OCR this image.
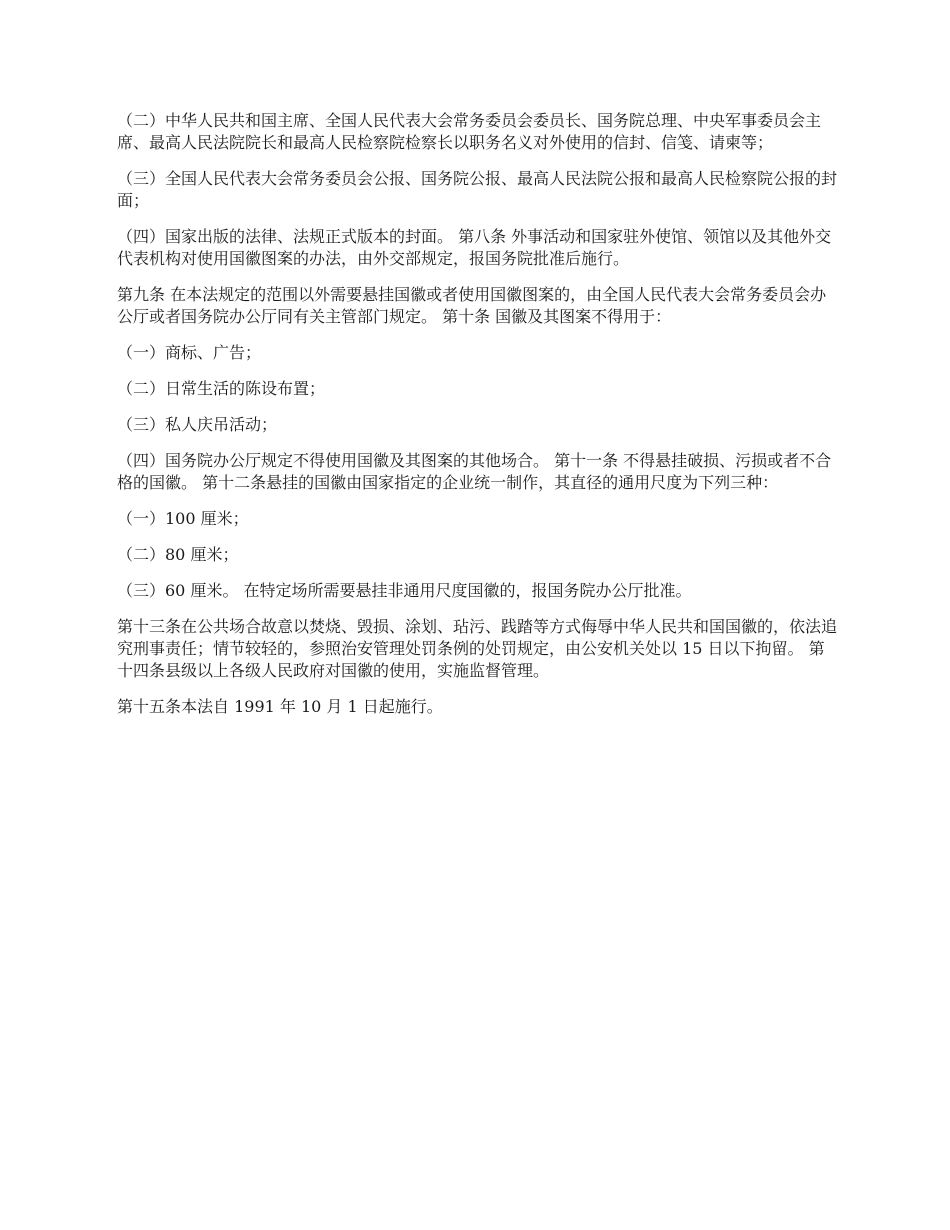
（二）中华人民共和国主席、全国人民代表大会常务委员会委员长、国务院总理、中央军事委员会主席、最高人民法院院长和最高人民检察院检察长以职务名义对外使用的信封、信笺、请柬等；

（三）全国人民代表大会常务委员会公报、国务院公报、最高人民法院公报和最高人民检察院公报的封面；

（四）国家出版的法律、法规正式版本的封面。 第八条 外事活动和国家驻外使馆、领馆以及其他外交代表机构对使用国徽图案的办法，由外交部规定，报国务院批准后施行。

第九条 在本法规定的范围以外需要悬挂国徽或者使用国徽图案的，由全国人民代表大会常务委员会办公厅或者国务院办公厅同有关主管部门规定。 第十条 国徽及其图案不得用于：

（一）商标、广告；

（二）日常生活的陈设布置；

（三）私人庆吊活动；

（四）国务院办公厅规定不得使用国徽及其图案的其他场合。 第十一条 不得悬挂破损、污损或者不合格的国徽。 第十二条悬挂的国徽由国家指定的企业统一制作，其直径的通用尺度为下列三种：

（一）100 厘米；

（二）80 厘米；

（三）60 厘米。 在特定场所需要悬挂非通用尺度国徽的，报国务院办公厅批准。

第十三条在公共场合故意以焚烧、毁损、涂划、玷污、践踏等方式侮辱中华人民共和国国徽的，依法追究刑事责任；情节较轻的，参照治安管理处罚条例的处罚规定，由公安机关处以 15 日以下拘留。 第十四条县级以上各级人民政府对国徽的使用，实施监督管理。

第十五条本法自 1991 年 10 月 1 日起施行。
